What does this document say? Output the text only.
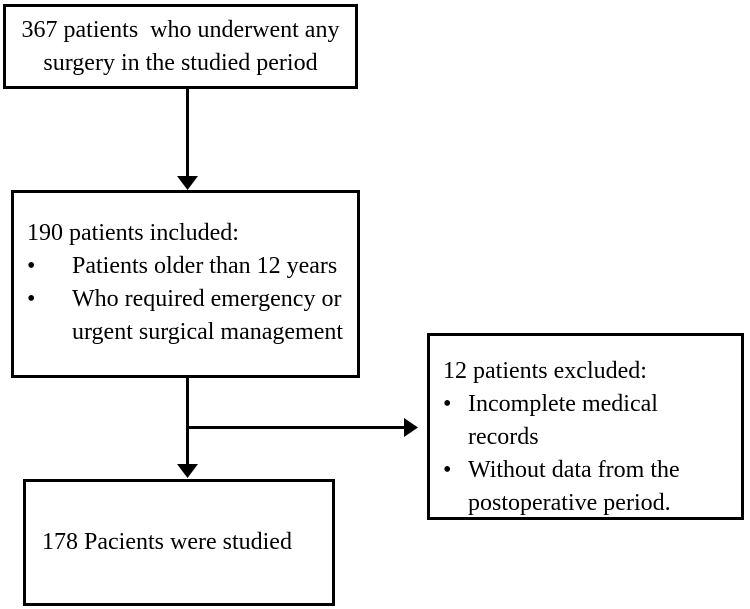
367 patients  who underwent any
surgery in the studied period
190 patients included:
•	Patients older than 12 years
•	Who required emergency or
urgent surgical management
12 patients excluded:
• Incomplete medical
records
• Without data from the
postoperative period.
178 Pacients were studied
